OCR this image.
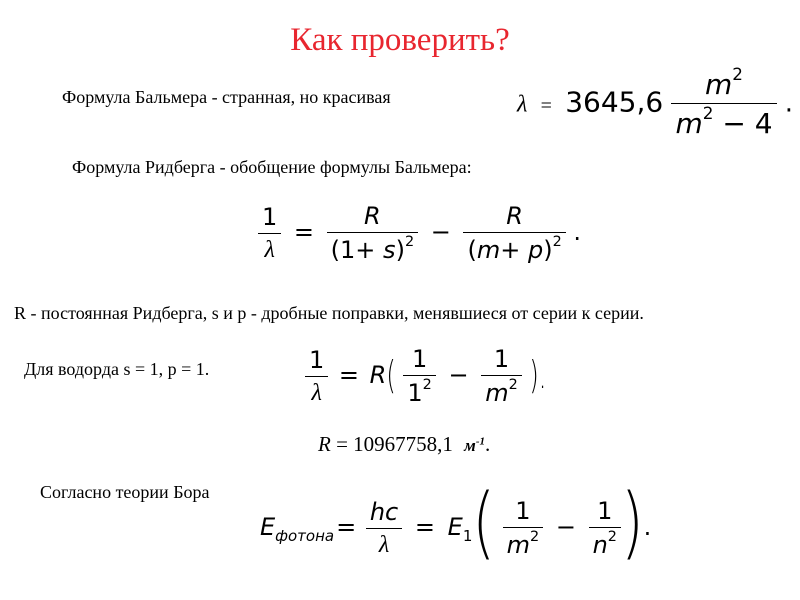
Как проверить?
Формула Бальмера - странная, но красивая	$\lambda = 3645,6 \frac{m^2}{m^2 - 4}$ .
Формула Ридберга - обобщение формулы Бальмера:
$\frac{1}{\lambda} = \frac{R}{(1+ s)^2} - \frac{R}{(m+ p)^2}$ .
R - постоянная Ридберга, s и p - дробные поправки, менявшиеся от серии к серии.
Для водорда s = 1, p = 1.	$\frac{1}{\lambda} = R( \frac{1}{1^2} - \frac{1}{m^2}$ ).
R = 10967758,1 $м^{-1}$.
Согласно теории Бора
$E_{фотона}= \frac{hc}{\lambda} = E_1( \frac{1}{m^2} - \frac{1}{n^2}$ ).
